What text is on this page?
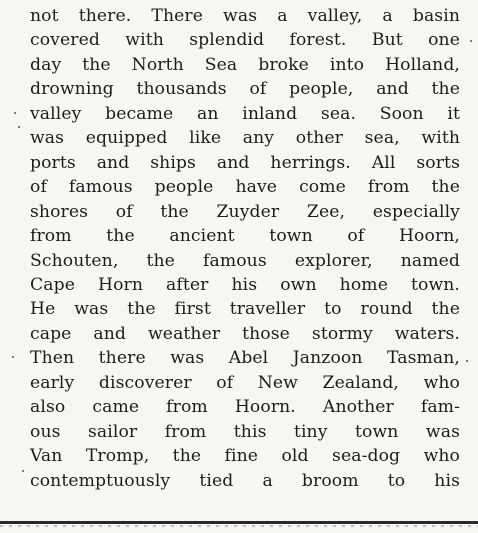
not there. There was a valley, a basin
covered with splendid forest. But one
day the North Sea broke into Holland,
drowning thousands of people, and the
valley became an inland sea. Soon it
was equipped like any other sea, with
ports and ships and herrings. All sorts
of famous people have come from the
shores of the Zuyder Zee, especially
from the ancient town of Hoorn,
Schouten, the famous explorer, named
Cape Horn after his own home town.
He was the first traveller to round the
cape and weather those stormy waters.
Then there was Abel Janzoon Tasman,
early discoverer of New Zealand, who
also came from Hoorn. Another fam-
ous sailor from this tiny town was
Van Tromp, the fine old sea-dog who
contemptuously tied a broom to his
